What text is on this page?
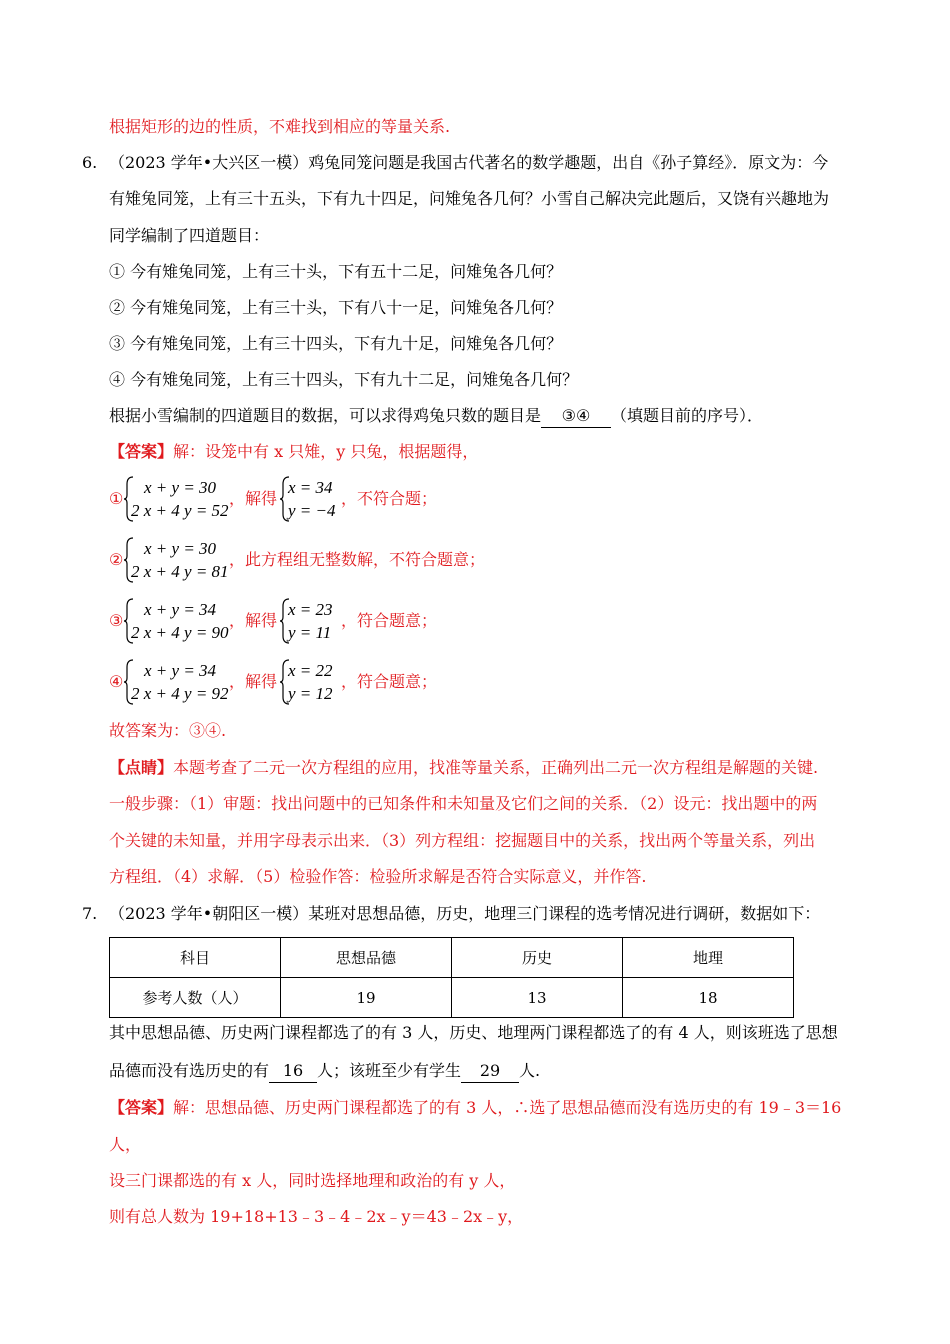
根据矩形的边的性质，不难找到相应的等量关系.
6. （2023 学年•大兴区一模）鸡兔同笼问题是我国古代著名的数学趣题，出自《孙子算经》．原文为：今
有雉兔同笼，上有三十五头，下有九十四足，问雉兔各几何？小雪自己解决完此题后，又饶有兴趣地为
同学编制了四道题目：
① 今有雉兔同笼，上有三十头，下有五十二足，问雉兔各几何？
② 今有雉兔同笼，上有三十头，下有八十一足，问雉兔各几何？
③ 今有雉兔同笼，上有三十四头，下有九十足，问雉兔各几何？
④ 今有雉兔同笼，上有三十四头，下有九十二足，问雉兔各几何？
根据小雪编制的四道题目的数据，可以求得鸡兔只数的题目是 ③④ （填题目前的序号）．
【答案】解：设笼中有 x 只雉，y 只兔，根据题得，
①
x + y = 30
2 x + 4 y = 52
，解得
x = 34
y = −4
，不符合题；
②
x + y = 30
2 x + 4 y = 81
，此方程组无整数解，不符合题意；
③
x + y = 34
2 x + 4 y = 90
，解得
x = 23
y = 11
，符合题意；
④
x + y = 34
2 x + 4 y = 92
，解得
x = 22
y = 12
，符合题意；
故答案为：③④.
【点睛】本题考查了二元一次方程组的应用，找准等量关系，正确列出二元一次方程组是解题的关键.
一般步骤：（1）审题：找出问题中的已知条件和未知量及它们之间的关系．（2）设元：找出题中的两
个关键的未知量，并用字母表示出来．（3）列方程组：挖掘题目中的关系，找出两个等量关系，列出
方程组．（4）求解．（5）检验作答：检验所求解是否符合实际意义，并作答.
7. （2023 学年•朝阳区一模）某班对思想品德，历史，地理三门课程的选考情况进行调研，数据如下：
科目	思想品德	历史	地理
参考人数（人）	19	13	18
其中思想品德、历史两门课程都选了的有 3 人，历史、地理两门课程都选了的有 4 人，则该班选了思想
品德而没有选历史的有 16 人；该班至少有学生 29 人.
【答案】解：思想品德、历史两门课程都选了的有 3 人，∴选了思想品德而没有选历史的有 19﹣3＝16
人，
设三门课都选的有 x 人，同时选择地理和政治的有 y 人，
则有总人数为 19+18+13﹣3﹣4﹣2x﹣y＝43﹣2x﹣y，
